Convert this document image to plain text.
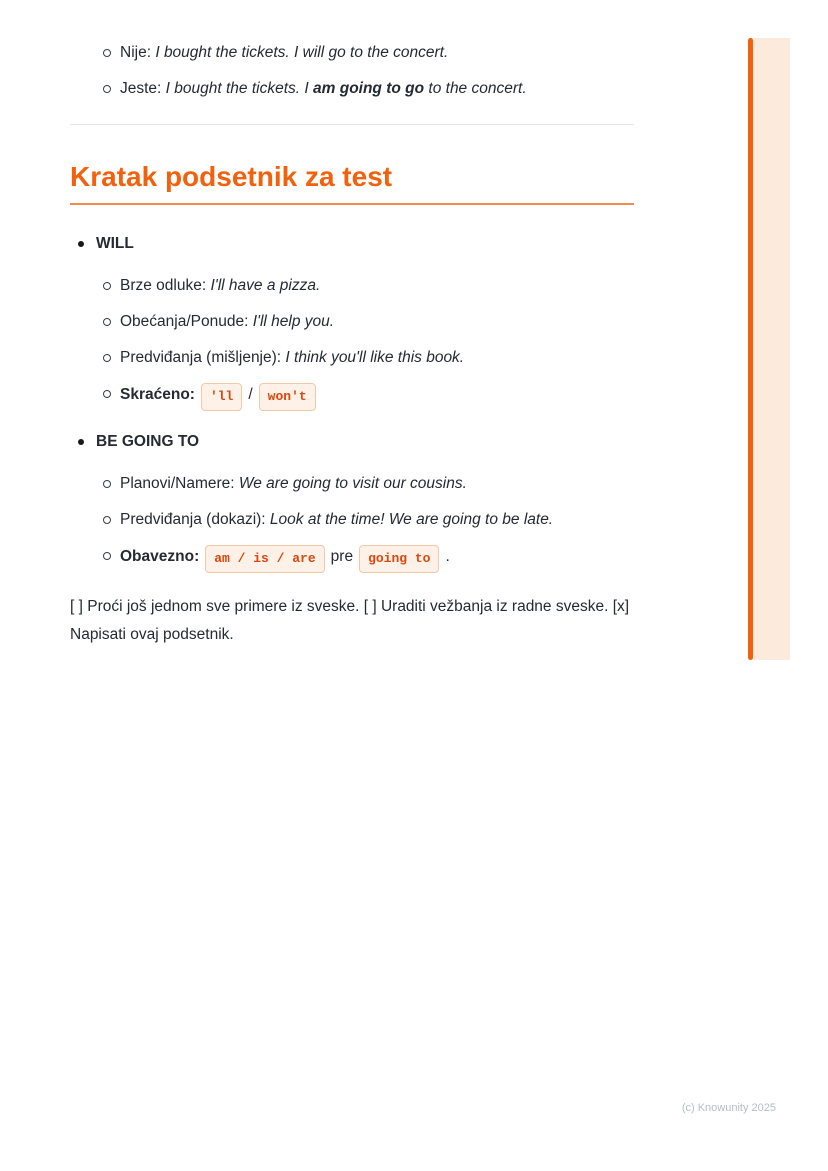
Nije: I bought the tickets. I will go to the concert.
Jeste: I bought the tickets. I am going to go to the concert.
Kratak podsetnik za test
WILL
Brze odluke: I'll have a pizza.
Obećanja/Ponude: I'll help you.
Predviđanja (mišljenje): I think you'll like this book.
Skraćeno: 'll / won't
BE GOING TO
Planovi/Namere: We are going to visit our cousins.
Predviđanja (dokazi): Look at the time! We are going to be late.
Obavezno: am / is / are pre going to .

[ ] Proći još jednom sve primere iz sveske. [ ] Uraditi vežbanja iz radne sveske. [x] Napisati ovaj podsetnik.

(c) Knowunity 2025
